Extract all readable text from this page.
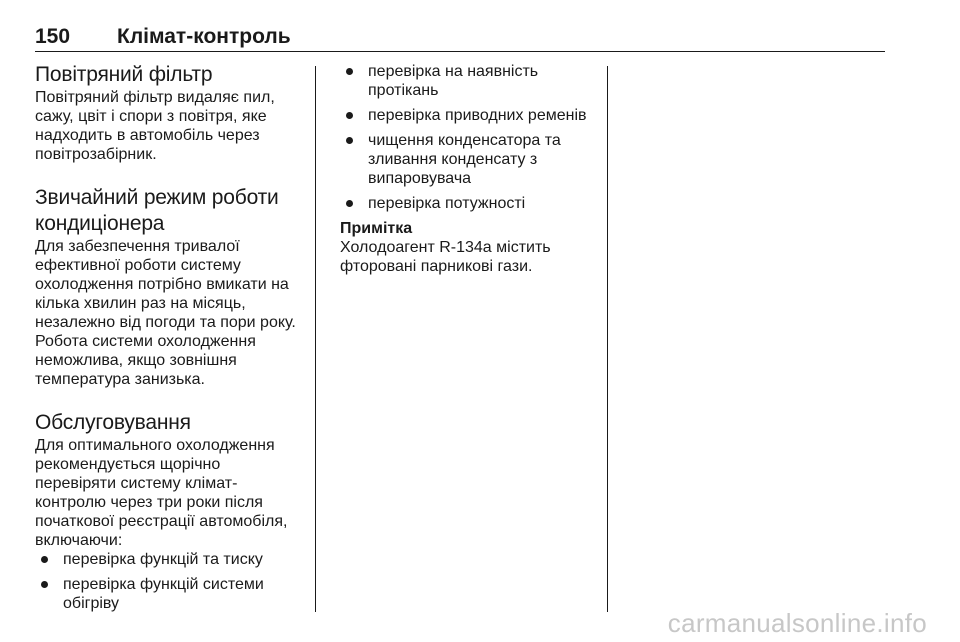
150 Клімат-контроль
Повітряний фільтр

Повітряний фільтр видаляє пил,
сажу, цвіт і спори з повітря, яке
надходить в автомобіль через
повітрозабірник.

Звичайний режим роботи
кондиціонера

Для забезпечення тривалої
ефективної роботи систему
охолодження потрібно вмикати на
кілька хвилин раз на місяць,
незалежно від погоди та пори року.
Робота системи охолодження
неможлива, якщо зовнішня
температура занизька.

Обслуговування

Для оптимального охолодження
рекомендується щорічно
перевіряти систему клімат-
контролю через три роки після
початкової реєстрації автомобіля,
включаючи:

перевірка функцій та тиску
перевірка функцій системи
обігріву
перевірка на наявність
протікань
перевірка приводних ременів
чищення конденсатора та
зливання конденсату з
випаровувача
перевірка потужності
Примітка

Холодоагент R-134a містить
фторовані парникові гази.

carmanualsonline.info
